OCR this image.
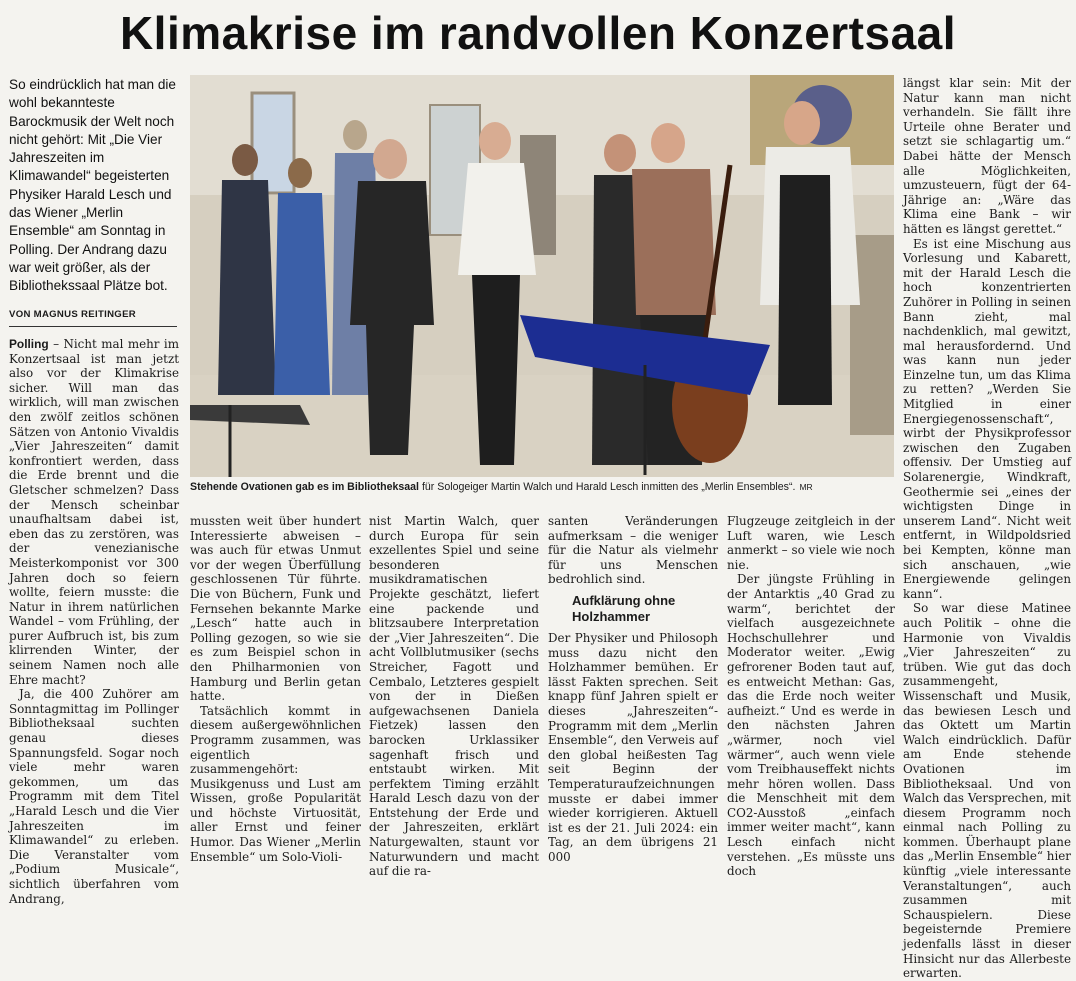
Klimakrise im randvollen Konzertsaal
So eindrücklich hat man die wohl bekannteste Barockmusik der Welt noch nicht gehört: Mit „Die Vier Jahreszeiten im Klimawandel“ begeisterten Physiker Harald Lesch und das Wiener „Merlin Ensemble“ am Sonntag in Polling. Der Andrang dazu war weit größer, als der Bibliothekssaal Plätze bot.
VON MAGNUS REITINGER

Polling – Nicht mal mehr im Konzertsaal ist man jetzt also vor der Klimakrise sicher. Will man das wirklich, will man zwischen den zwölf zeitlos schönen Sätzen von Antonio Vivaldis „Vier Jahreszeiten“ damit konfrontiert werden, dass die Erde brennt und die Gletscher schmelzen? Dass der Mensch scheinbar unaufhaltsam dabei ist, eben das zu zerstören, was der venezianische Meisterkomponist vor 300 Jahren doch so feiern wollte, feiern musste: die Natur in ihrem natürlichen Wandel – vom Frühling, der purer Aufbruch ist, bis zum klirrenden Winter, der seinem Namen noch alle Ehre macht?

Ja, die 400 Zuhörer am Sonntagmittag im Pollinger Bibliotheksaal suchten genau dieses Spannungsfeld. Sogar noch viele mehr waren gekommen, um das Programm mit dem Titel „Harald Lesch und die Vier Jahreszeiten im Klimawandel“ zu erleben. Die Veranstalter vom „Podium Musicale“, sichtlich überfahren vom Andrang,

Stehende Ovationen gab es im Bibliotheksaal für Sologeiger Martin Walch und Harald Lesch inmitten des „Merlin Ensembles“. MR

mussten weit über hundert Interessierte abweisen – was auch für etwas Unmut vor der wegen Überfüllung geschlossenen Tür führte. Die von Büchern, Funk und Fernsehen bekannte Marke „Lesch“ hatte auch in Polling gezogen, so wie sie es zum Beispiel schon in den Philharmonien von Hamburg und Berlin getan hatte.

Tatsächlich kommt in diesem außergewöhnlichen Programm zusammen, was eigentlich zusammengehört: Musikgenuss und Lust am Wissen, große Popularität und höchste Virtuosität, aller Ernst und feiner Humor. Das Wiener „Merlin Ensemble“ um Solo-Violi-

nist Martin Walch, quer durch Europa für sein exzellentes Spiel und seine besonderen musikdramatischen Projekte geschätzt, liefert eine packende und blitzsaubere Interpretation der „Vier Jahreszeiten“. Die acht Vollblutmusiker (sechs Streicher, Fagott und Cembalo, Letzteres gespielt von der in Dießen aufgewachsenen Daniela Fietzek) lassen den barocken Urklassiker sagenhaft frisch und entstaubt wirken. Mit perfektem Timing erzählt Harald Lesch dazu von der Entstehung der Erde und der Jahreszeiten, erklärt Naturgewalten, staunt vor Naturwundern und macht auf die ra-

santen Veränderungen aufmerksam – die weniger für die Natur als vielmehr für uns Menschen bedrohlich sind.

Aufklärung ohne Holzhammer

Der Physiker und Philosoph muss dazu nicht den Holzhammer bemühen. Er lässt Fakten sprechen. Seit knapp fünf Jahren spielt er dieses „Jahreszeiten“-Programm mit dem „Merlin Ensemble“, den Verweis auf den global heißesten Tag seit Beginn der Temperaturaufzeichnungen musste er dabei immer wieder korrigieren. Aktuell ist es der 21. Juli 2024: ein Tag, an dem übrigens 21 000

Flugzeuge zeitgleich in der Luft waren, wie Lesch anmerkt – so viele wie noch nie.

Der jüngste Frühling in der Antarktis „40 Grad zu warm“, berichtet der vielfach ausgezeichnete Hochschullehrer und Moderator weiter. „Ewig gefrorener Boden taut auf, es entweicht Methan: Gas, das die Erde noch weiter aufheizt.“ Und es werde in den nächsten Jahren „wärmer, noch viel wärmer“, auch wenn viele vom Treibhauseffekt nichts mehr hören wollen. Dass die Menschheit mit dem CO2-Ausstoß „einfach immer weiter macht“, kann Lesch einfach nicht verstehen. „Es müsste uns doch

längst klar sein: Mit der Natur kann man nicht verhandeln. Sie fällt ihre Urteile ohne Berater und setzt sie schlagartig um.“ Dabei hätte der Mensch alle Möglichkeiten, umzusteuern, fügt der 64-Jährige an: „Wäre das Klima eine Bank – wir hätten es längst gerettet.“

Es ist eine Mischung aus Vorlesung und Kabarett, mit der Harald Lesch die hoch konzentrierten Zuhörer in Polling in seinen Bann zieht, mal nachdenklich, mal gewitzt, mal herausfordernd. Und was kann nun jeder Einzelne tun, um das Klima zu retten? „Werden Sie Mitglied in einer Energiegenossenschaft“, wirbt der Physikprofessor zwischen den Zugaben offensiv. Der Umstieg auf Solarenergie, Windkraft, Geothermie sei „eines der wichtigsten Dinge in unserem Land“. Nicht weit entfernt, in Wildpoldsried bei Kempten, könne man sich anschauen, „wie Energiewende gelingen kann“.

So war diese Matinee auch Politik – ohne die Harmonie von Vivaldis „Vier Jahreszeiten“ zu trüben. Wie gut das doch zusammengeht, Wissenschaft und Musik, das bewiesen Lesch und das Oktett um Martin Walch eindrücklich. Dafür am Ende stehende Ovationen im Bibliotheksaal. Und von Walch das Versprechen, mit diesem Programm noch einmal nach Polling zu kommen. Überhaupt plane das „Merlin Ensemble“ hier künftig „viele interessante Veranstaltungen“, auch zusammen mit Schauspielern. Diese begeisternde Premiere jedenfalls lässt in dieser Hinsicht nur das Allerbeste erwarten.
